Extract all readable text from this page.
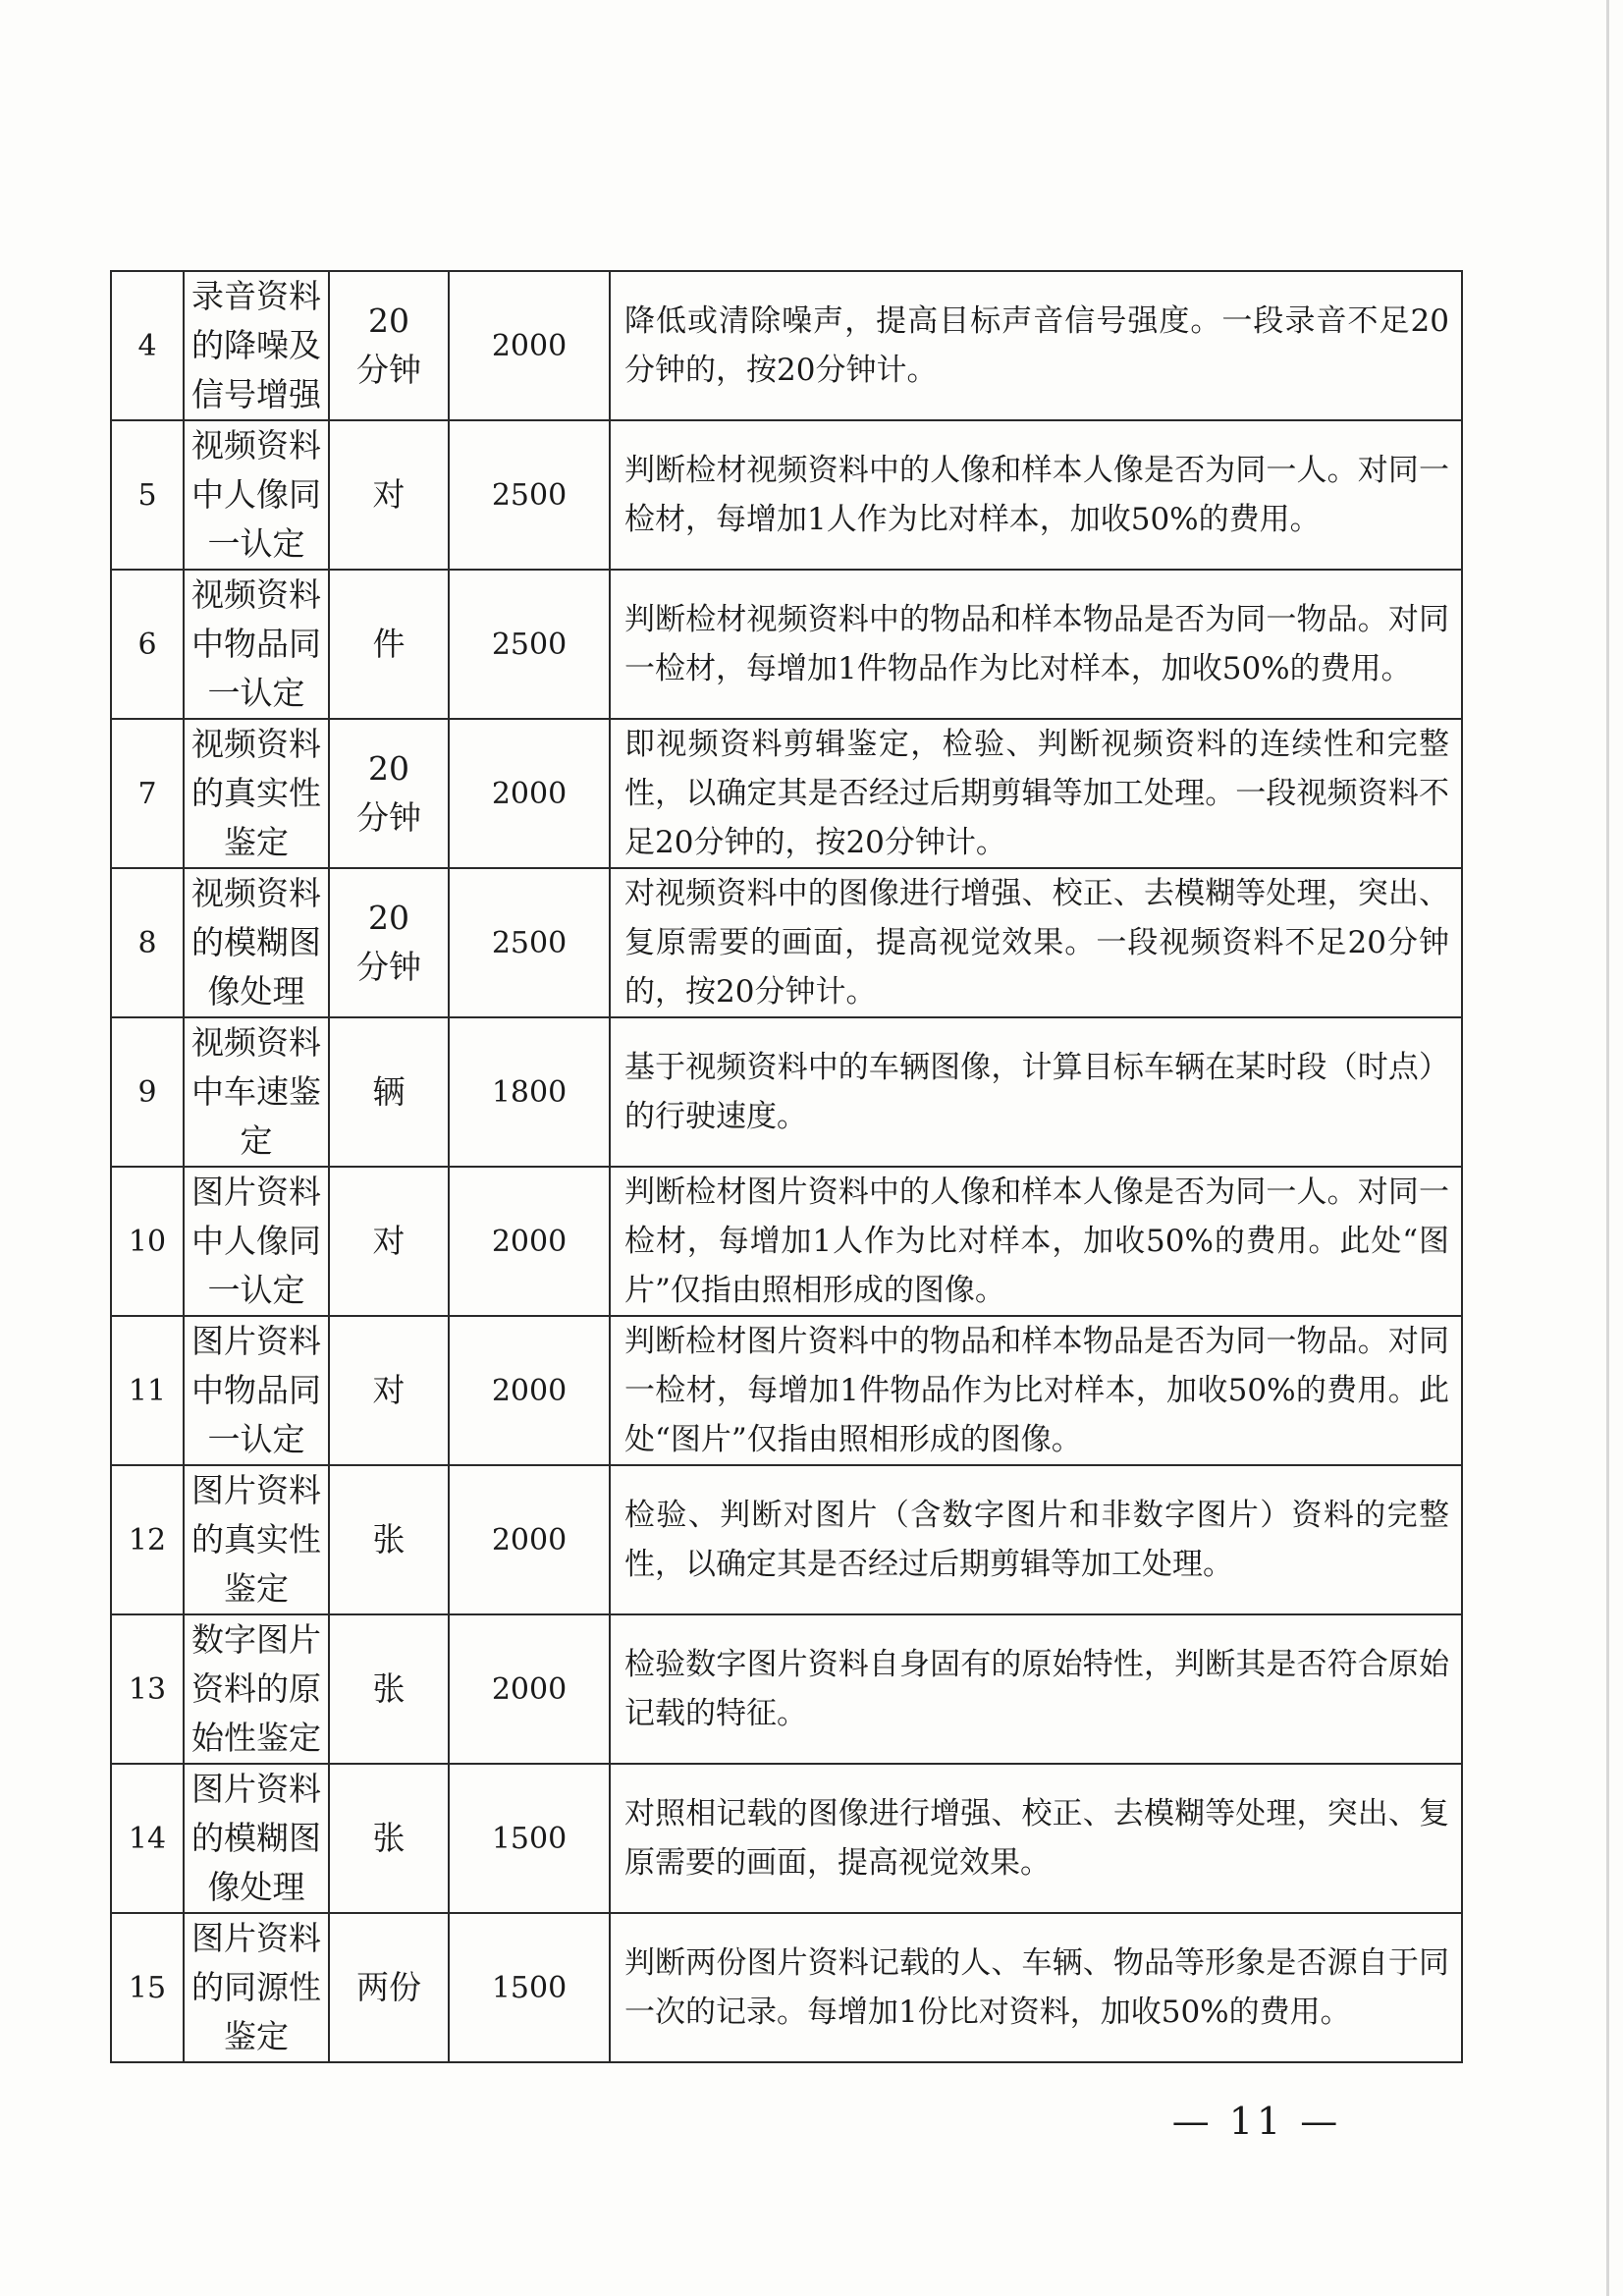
4	录音资料的降噪及信号增强	20分钟	2000	降低或清除噪声，提高目标声音信号强度。一段录音不足20分钟的，按20分钟计。
5	视频资料中人像同一认定	对	2500	判断检材视频资料中的人像和样本人像是否为同一人。对同一检材，每增加1人作为比对样本，加收50%的费用。
6	视频资料中物品同一认定	件	2500	判断检材视频资料中的物品和样本物品是否为同一物品。对同一检材，每增加1件物品作为比对样本，加收50%的费用。
7	视频资料的真实性鉴定	20分钟	2000	即视频资料剪辑鉴定，检验、判断视频资料的连续性和完整性，以确定其是否经过后期剪辑等加工处理。一段视频资料不足20分钟的，按20分钟计。
8	视频资料的模糊图像处理	20分钟	2500	对视频资料中的图像进行增强、校正、去模糊等处理，突出、复原需要的画面，提高视觉效果。一段视频资料不足20分钟的，按20分钟计。
9	视频资料中车速鉴定	辆	1800	基于视频资料中的车辆图像，计算目标车辆在某时段（时点）的行驶速度。
10	图片资料中人像同一认定	对	2000	判断检材图片资料中的人像和样本人像是否为同一人。对同一检材，每增加1人作为比对样本，加收50%的费用。此处“图片”仅指由照相形成的图像。
11	图片资料中物品同一认定	对	2000	判断检材图片资料中的物品和样本物品是否为同一物品。对同一检材，每增加1件物品作为比对样本，加收50%的费用。此处“图片”仅指由照相形成的图像。
12	图片资料的真实性鉴定	张	2000	检验、判断对图片（含数字图片和非数字图片）资料的完整性，以确定其是否经过后期剪辑等加工处理。
13	数字图片资料的原始性鉴定	张	2000	检验数字图片资料自身固有的原始特性，判断其是否符合原始记载的特征。
14	图片资料的模糊图像处理	张	1500	对照相记载的图像进行增强、校正、去模糊等处理，突出、复原需要的画面，提高视觉效果。
15	图片资料的同源性鉴定	两份	1500	判断两份图片资料记载的人、车辆、物品等形象是否源自于同一次的记录。每增加1份比对资料，加收50%的费用。
— 11 —
